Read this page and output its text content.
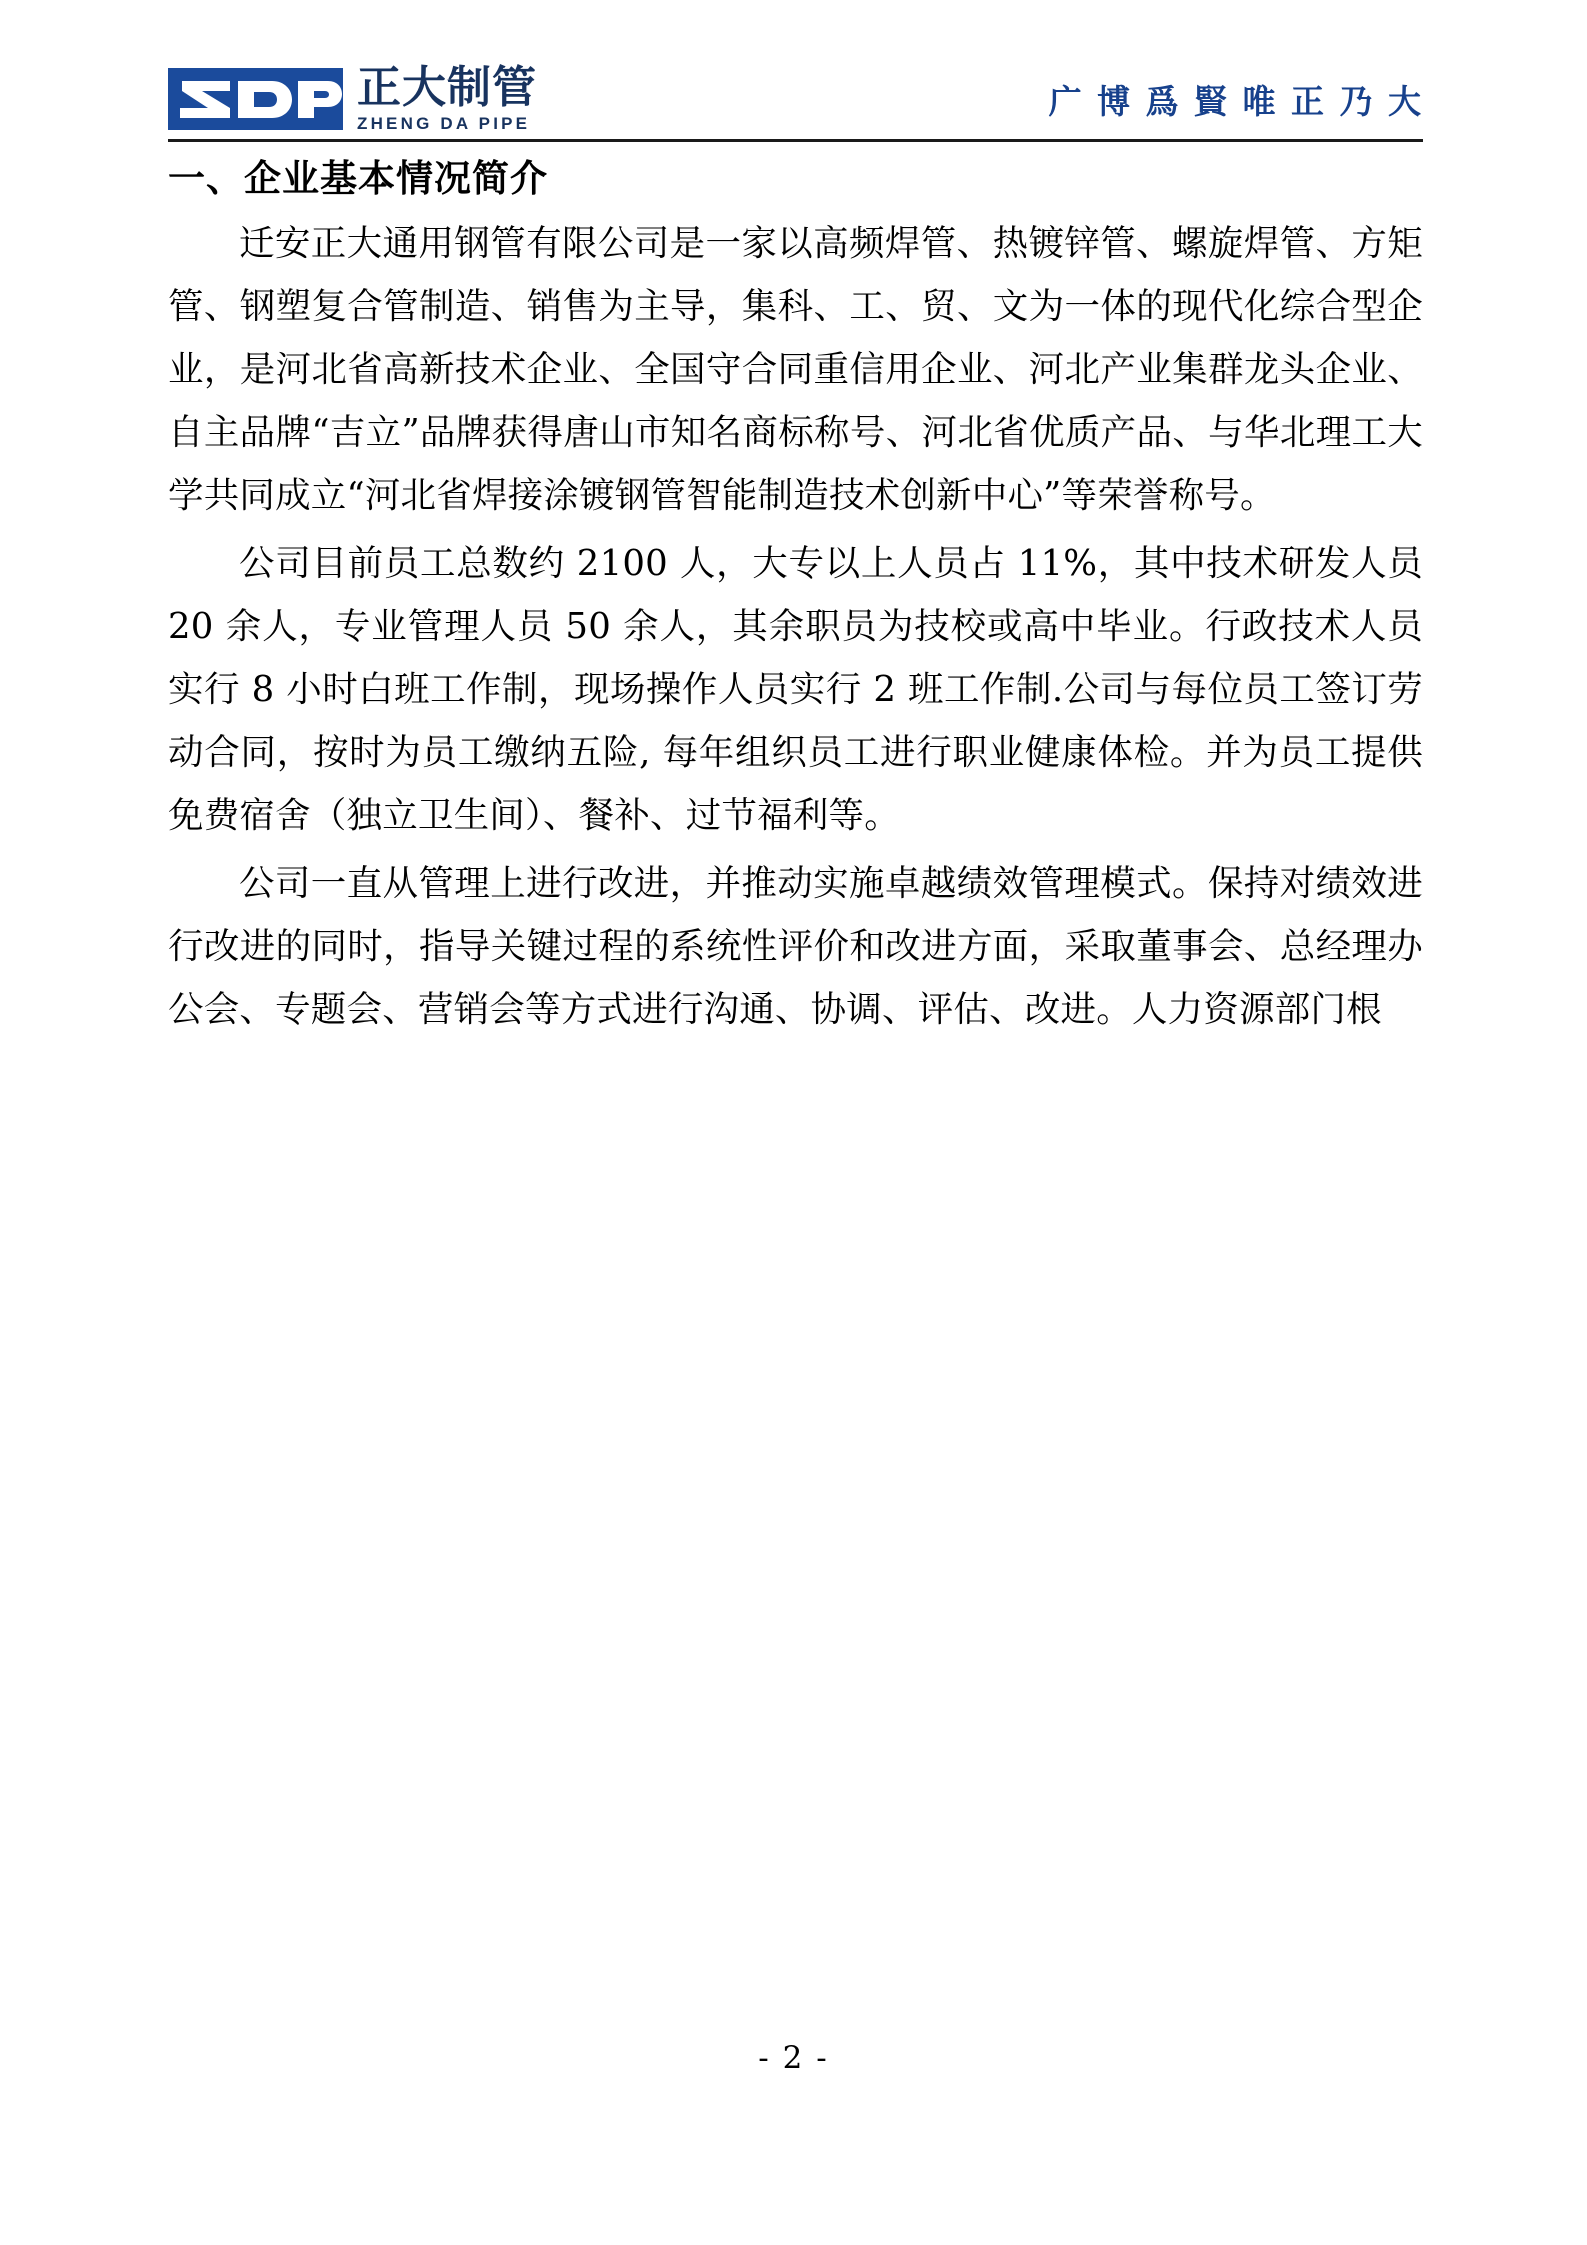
正大制管
ZHENG DA PIPE
广 博 爲 賢 唯 正 乃 大
一、企业基本情况简介

迁安正大通用钢管有限公司是一家以高频焊管、热镀锌管、螺旋焊管、方矩管、钢塑复合管制造、销售为主导，集科、工、贸、文为一体的现代化综合型企业，是河北省高新技术企业、全国守合同重信用企业、河北产业集群龙头企业、自主品牌“吉立”品牌获得唐山市知名商标称号、河北省优质产品、与华北理工大学共同成立“河北省焊接涂镀钢管智能制造技术创新中心”等荣誉称号。

公司目前员工总数约 2100 人，大专以上人员占 11%，其中技术研发人员 20 余人，专业管理人员 50 余人，其余职员为技校或高中毕业。行政技术人员实行 8 小时白班工作制，现场操作人员实行 2 班工作制.公司与每位员工签订劳动合同，按时为员工缴纳五险, 每年组织员工进行职业健康体检。并为员工提供免费宿舍（独立卫生间）、餐补、过节福利等。

公司一直从管理上进行改进，并推动实施卓越绩效管理模式。保持对绩效进行改进的同时，指导关键过程的系统性评价和改进方面，采取董事会、总经理办公会、专题会、营销会等方式进行沟通、协调、评估、改进。人力资源部门根

- 2 -
